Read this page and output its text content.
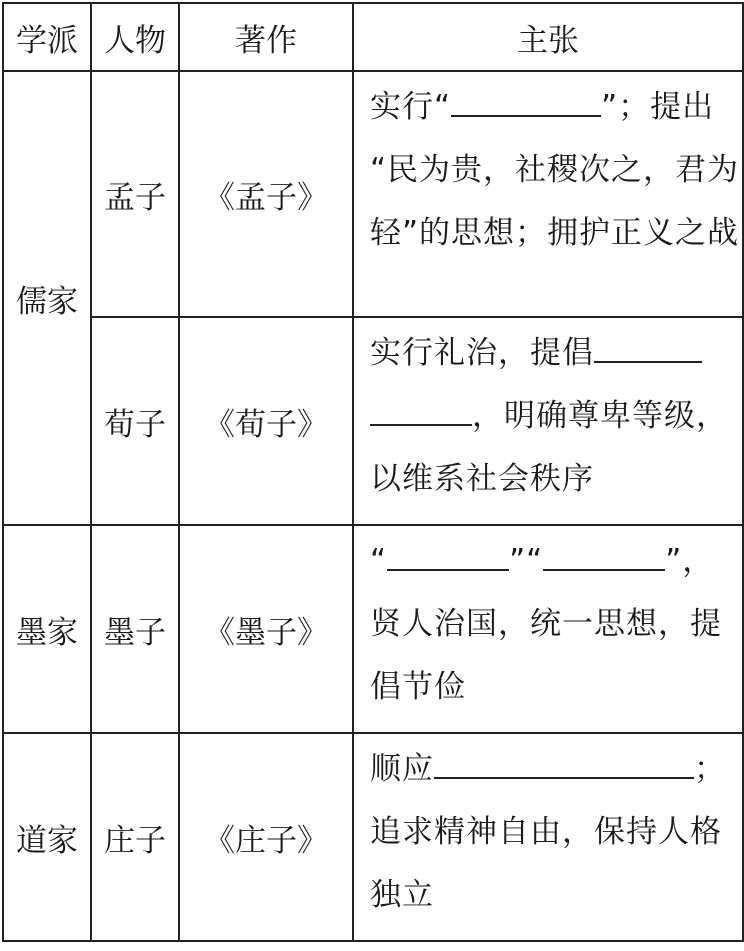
学派	人物	著作	主张
儒家	孟子	《孟子》	实行“ ”；提出
“民为贵，社稷次之，君为轻”的思想；拥护正义之战
	荀子	《荀子》	实行礼治，提倡
，明确尊卑等级，以维系社会秩序
墨家	墨子	《墨子》	“ ”“ ”，
贤人治国，统一思想，提倡节俭
道家	庄子	《庄子》	顺应 ；
追求精神自由，保持人格独立
